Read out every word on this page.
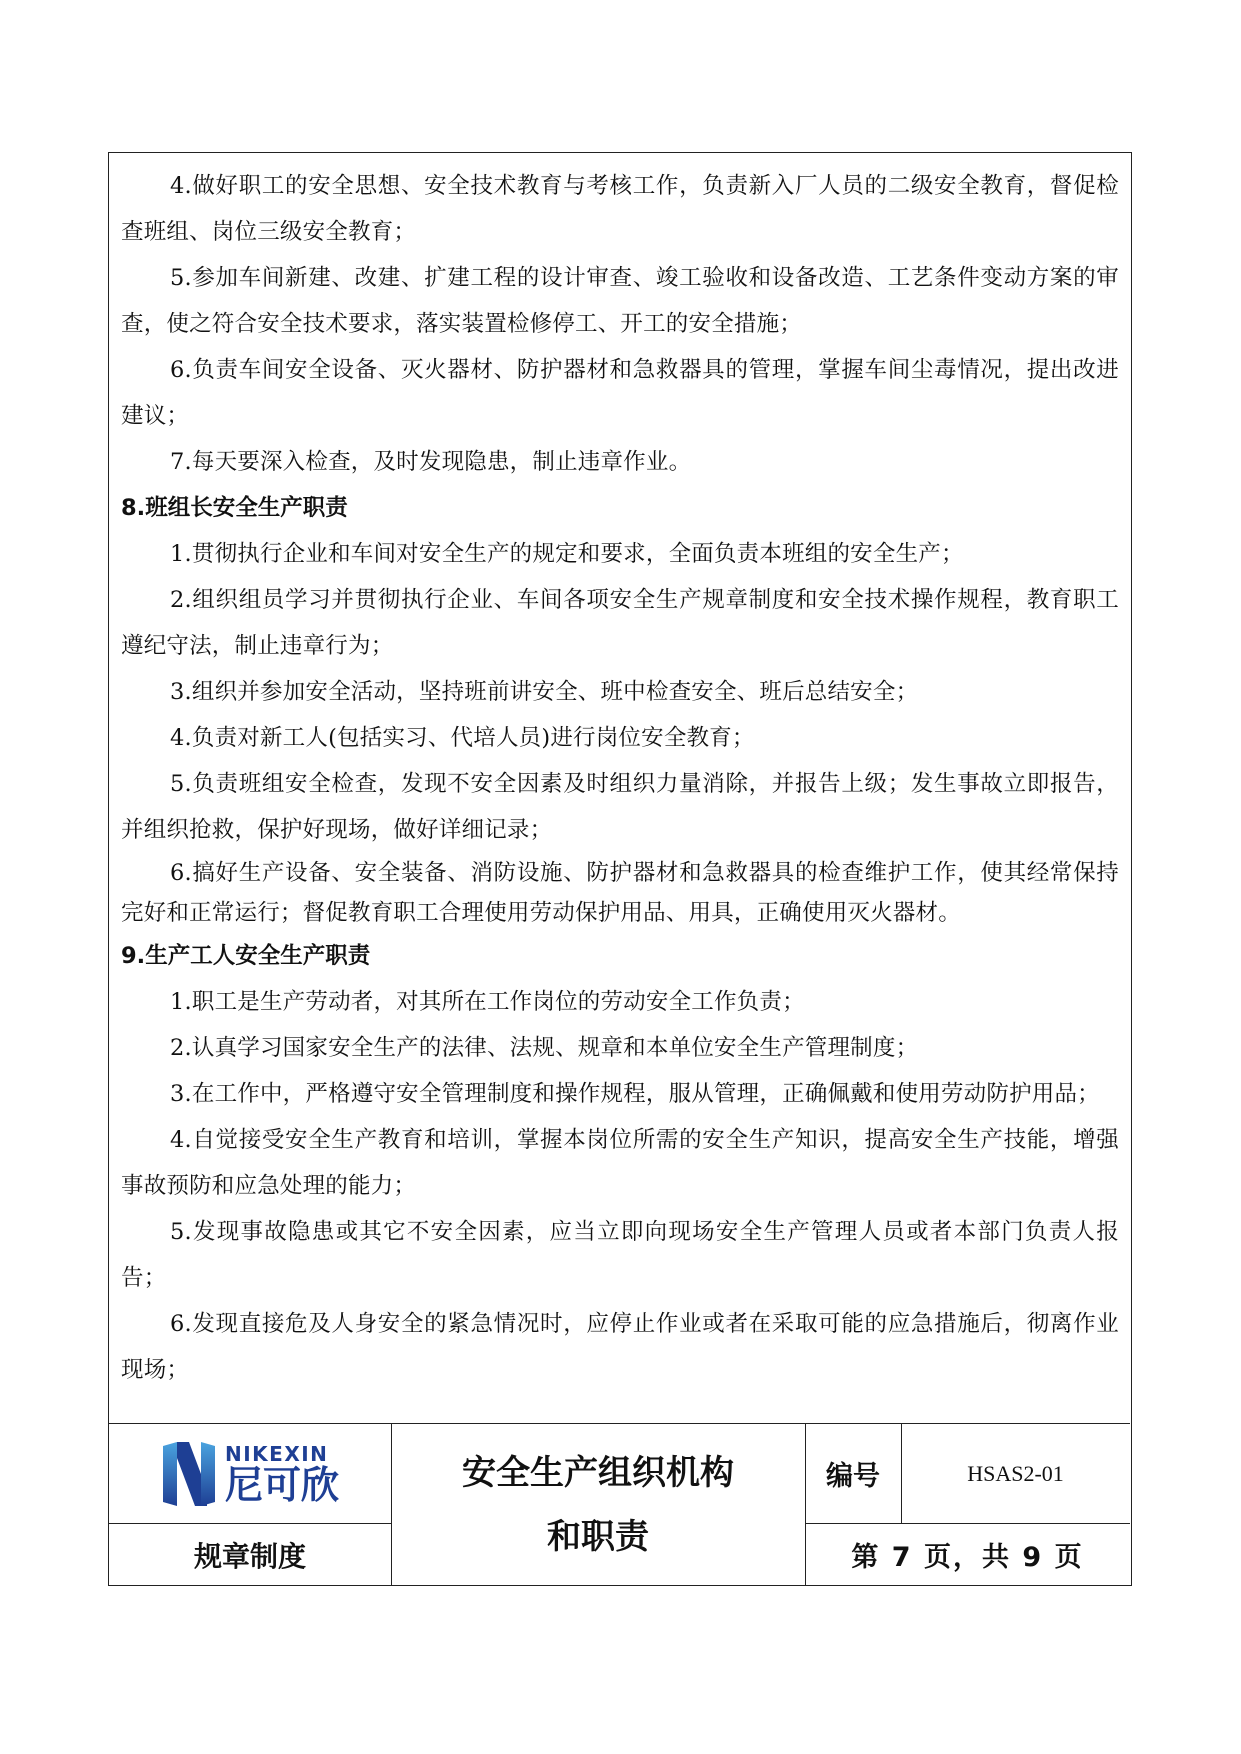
4.做好职工的安全思想、安全技术教育与考核工作，负责新入厂人员的二级安全教育，督促检查班组、岗位三级安全教育；

5.参加车间新建、改建、扩建工程的设计审查、竣工验收和设备改造、工艺条件变动方案的审查，使之符合安全技术要求，落实装置检修停工、开工的安全措施；

6.负责车间安全设备、灭火器材、防护器材和急救器具的管理，掌握车间尘毒情况，提出改进建议；

7.每天要深入检查，及时发现隐患，制止违章作业。

8.班组长安全生产职责

1.贯彻执行企业和车间对安全生产的规定和要求，全面负责本班组的安全生产；

2.组织组员学习并贯彻执行企业、车间各项安全生产规章制度和安全技术操作规程，教育职工遵纪守法，制止违章行为；

3.组织并参加安全活动，坚持班前讲安全、班中检查安全、班后总结安全；

4.负责对新工人(包括实习、代培人员)进行岗位安全教育；

5.负责班组安全检查，发现不安全因素及时组织力量消除，并报告上级；发生事故立即报告，并组织抢救，保护好现场，做好详细记录；

6.搞好生产设备、安全装备、消防设施、防护器材和急救器具的检查维护工作，使其经常保持完好和正常运行；督促教育职工合理使用劳动保护用品、用具，正确使用灭火器材。

9.生产工人安全生产职责

1.职工是生产劳动者，对其所在工作岗位的劳动安全工作负责；

2.认真学习国家安全生产的法律、法规、规章和本单位安全生产管理制度；

3.在工作中，严格遵守安全管理制度和操作规程，服从管理，正确佩戴和使用劳动防护用品；

4.自觉接受安全生产教育和培训，掌握本岗位所需的安全生产知识，提高安全生产技能，增强事故预防和应急处理的能力；

5.发现事故隐患或其它不安全因素，应当立即向现场安全生产管理人员或者本部门负责人报告；

6.发现直接危及人身安全的紧急情况时，应停止作业或者在采取可能的应急措施后，彻离作业现场；

NIKEXIN
尼可欣
规章制度
安全生产组织机构
和职责
编号	HSAS2-01
第 7 页，共 9 页
